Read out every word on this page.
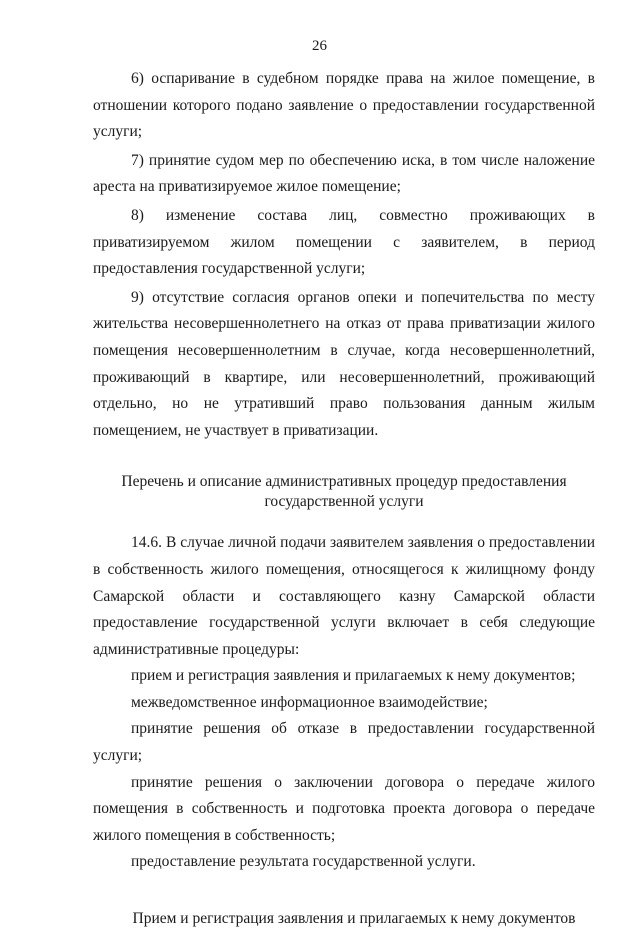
26

6) оспаривание в судебном порядке права на жилое помещение, в отношении которого подано заявление о предоставлении государственной услуги;

7) принятие судом мер по обеспечению иска, в том числе наложение ареста на приватизируемое жилое помещение;

8) изменение состава лиц, совместно проживающих в приватизируемом жилом помещении с заявителем, в период предоставления государственной услуги;

9) отсутствие согласия органов опеки и попечительства по месту жительства несовершеннолетнего на отказ от права приватизации жилого помещения несовершеннолетним в случае, когда несовершеннолетний, проживающий в квартире, или несовершеннолетний, проживающий отдельно, но не утративший право пользования данным жилым помещением, не участвует в приватизации.

Перечень и описание административных процедур предоставления государственной услуги

14.6. В случае личной подачи заявителем заявления о предоставлении в собственность жилого помещения, относящегося к жилищному фонду Самарской области и составляющего казну Самарской области предоставление государственной услуги включает в себя следующие административные процедуры:

прием и регистрация заявления и прилагаемых к нему документов;

межведомственное информационное взаимодействие;

принятие решения об отказе в предоставлении государственной услуги;

принятие решения о заключении договора о передаче жилого помещения в собственность и подготовка проекта договора о передаче жилого помещения в собственность;

предоставление результата государственной услуги.

Прием и регистрация заявления и прилагаемых к нему документов
